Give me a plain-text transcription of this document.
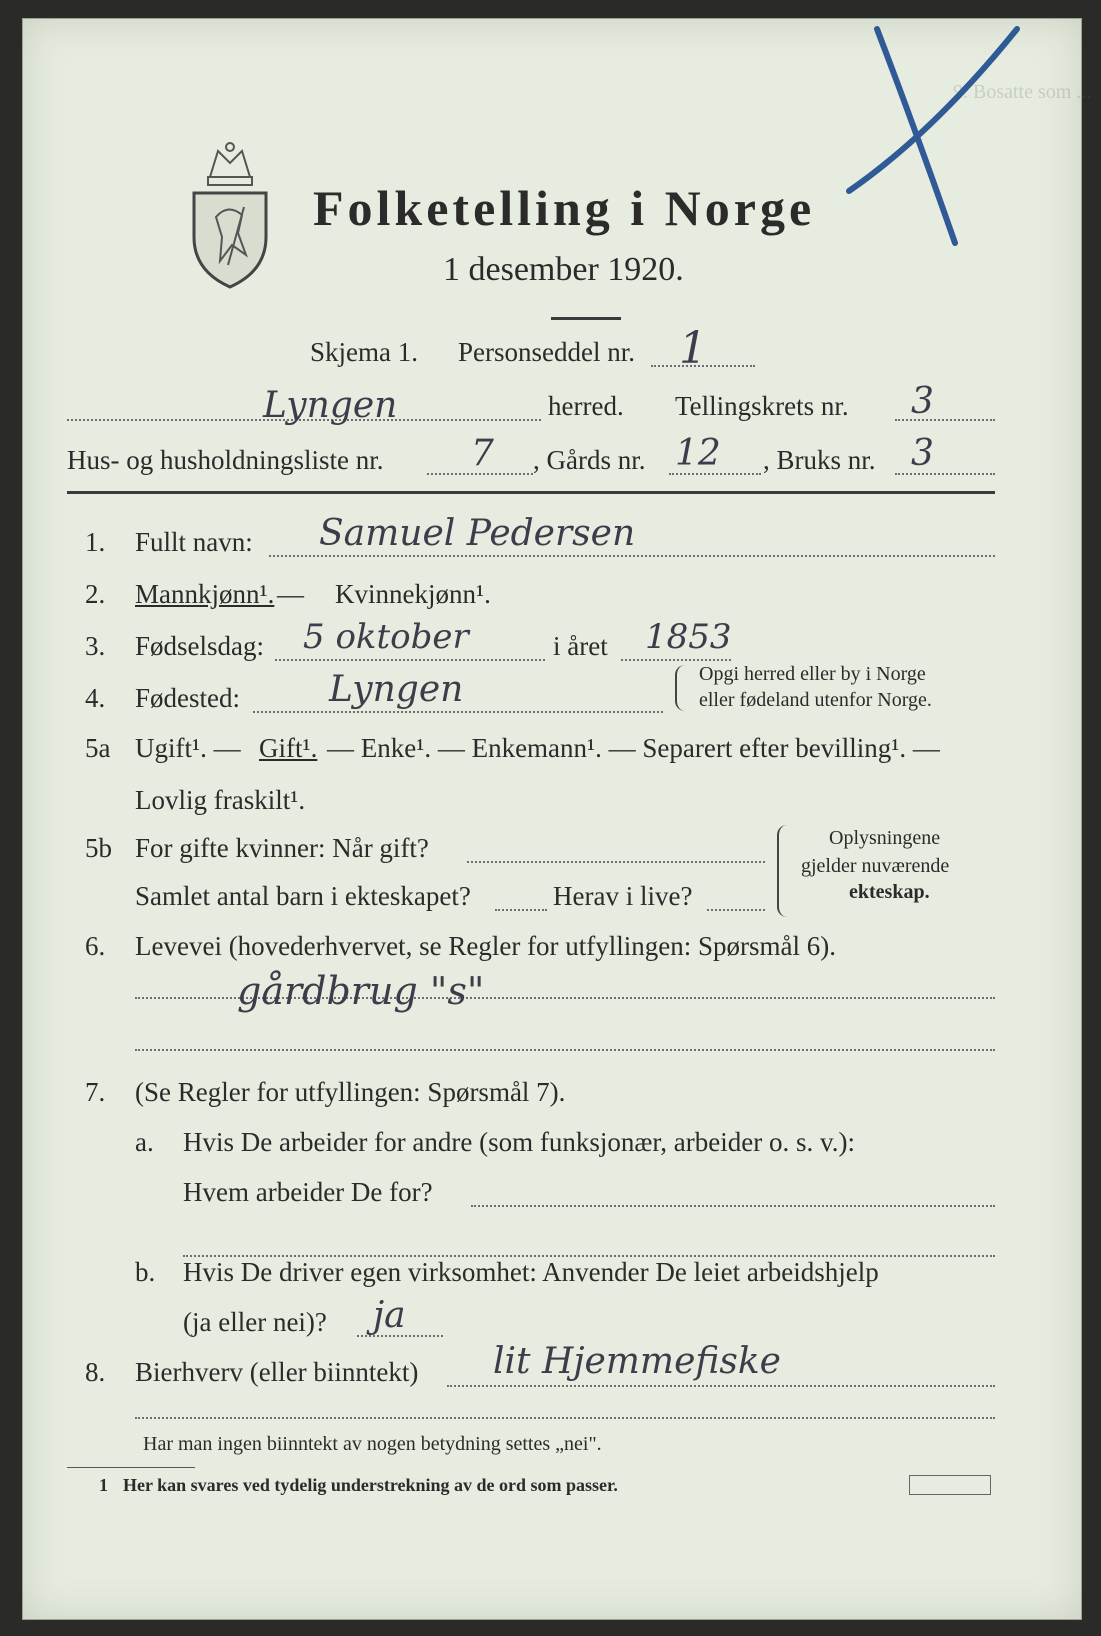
9. Bosatte som ...
Folketelling i Norge
1 desember 1920.
Skjema 1. Personseddel nr. 1
Lyngen	herred. Tellingskrets nr. 3
Hus- og husholdningsliste nr. 7 , Gårds nr. 12 , Bruks nr. 3
1. Fullt navn: Samuel Pedersen
2. Mannkjønn¹. — Kvinnekjønn¹.
3. Fødselsdag: 5 oktober	i året 1853
4. Fødested: Lyngen	Opgi herred eller by i Norge
eller fødeland utenfor Norge.
5a Ugift¹. — Gift¹. — Enke¹. — Enkemann¹. — Separert efter bevilling¹. —
Lovlig fraskilt¹.
5b For gifte kvinner: Når gift?
Samlet antal barn i ekteskapet?	Herav i live?
Oplysningene
gjelder nuværende
ekteskap.
6. Levevei (hovederhvervet, se Regler for utfyllingen: Spørsmål 6).
gårdbrug "s"
7. (Se Regler for utfyllingen: Spørsmål 7).
a. Hvis De arbeider for andre (som funksjonær, arbeider o. s. v.):
Hvem arbeider De for?
b. Hvis De driver egen virksomhet: Anvender De leiet arbeidshjelp
(ja eller nei)? ja
8. Bierhverv (eller biinntekt) lit Hjemmefiske
Har man ingen biinntekt av nogen betydning settes „nei".
1 Her kan svares ved tydelig understrekning av de ord som passer.
